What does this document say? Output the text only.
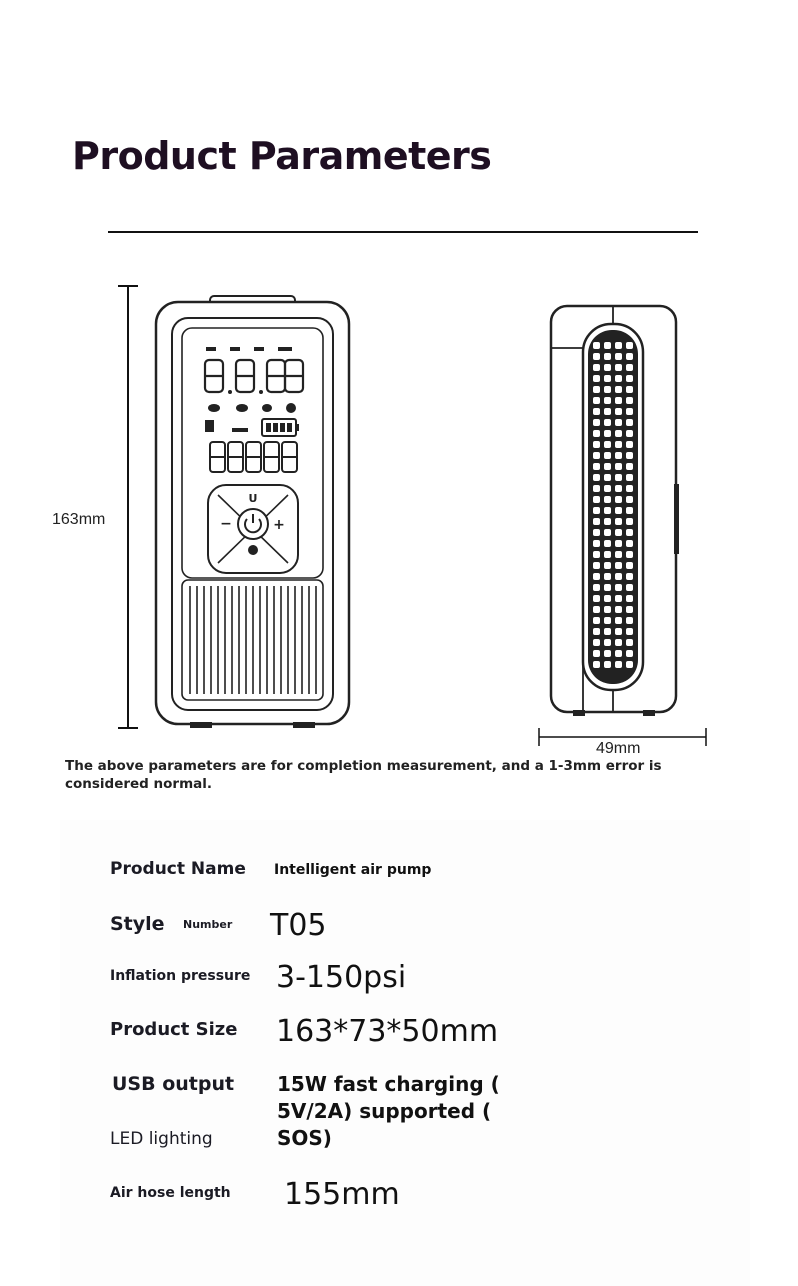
Product Parameters
163mm
U
−	+
49mm
The above parameters are for completion measurement, and a 1-3mm error is considered normal.
Product Name Intelligent air pump
Style Number T05
Inflation pressure 3-150psi
Product Size 163*73*50mm
USB output
LED lighting
15W fast charging (
5V/2A) supported (
SOS)
Air hose length 155mm
